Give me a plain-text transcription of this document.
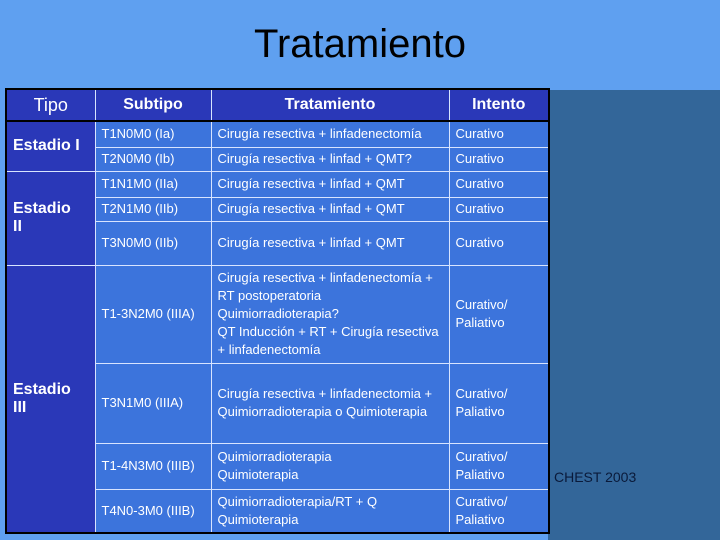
Tratamiento
CHEST 2003
Tipo	Subtipo	Tratamiento	Intento
Estadio I	T1N0M0 (Ia)	Cirugía resectiva + linfadenectomía	Curativo
	T2N0M0 (Ib)	Cirugía resectiva + linfad + QMT?	Curativo

Estadio
II	T1N1M0 (IIa)	Cirugía resectiva + linfad + QMT	Curativo
	T2N1M0 (IIb)	Cirugía resectiva + linfad + QMT	Curativo
	T3N0M0 (IIb)	Cirugía resectiva + linfad + QMT	Curativo

Estadio
III	T1-3N2M0 (IIIA)	Cirugía resectiva + linfadenectomía + RT postoperatoria
Quimiorradioterapia?
QT Inducción + RT + Cirugía resectiva + linfadenectomía	Curativo/ Paliativo
	T3N1M0 (IIIA)	Cirugía resectiva + linfadenectomia +
Quimiorradioterapia o Quimioterapia	Curativo/ Paliativo
	T1-4N3M0 (IIIB)	Quimiorradioterapia
Quimioterapia	Curativo/ Paliativo
	T4N0-3M0 (IIIB)	Quimiorradioterapia/RT + Q
Quimioterapia	Curativo/ Paliativo
